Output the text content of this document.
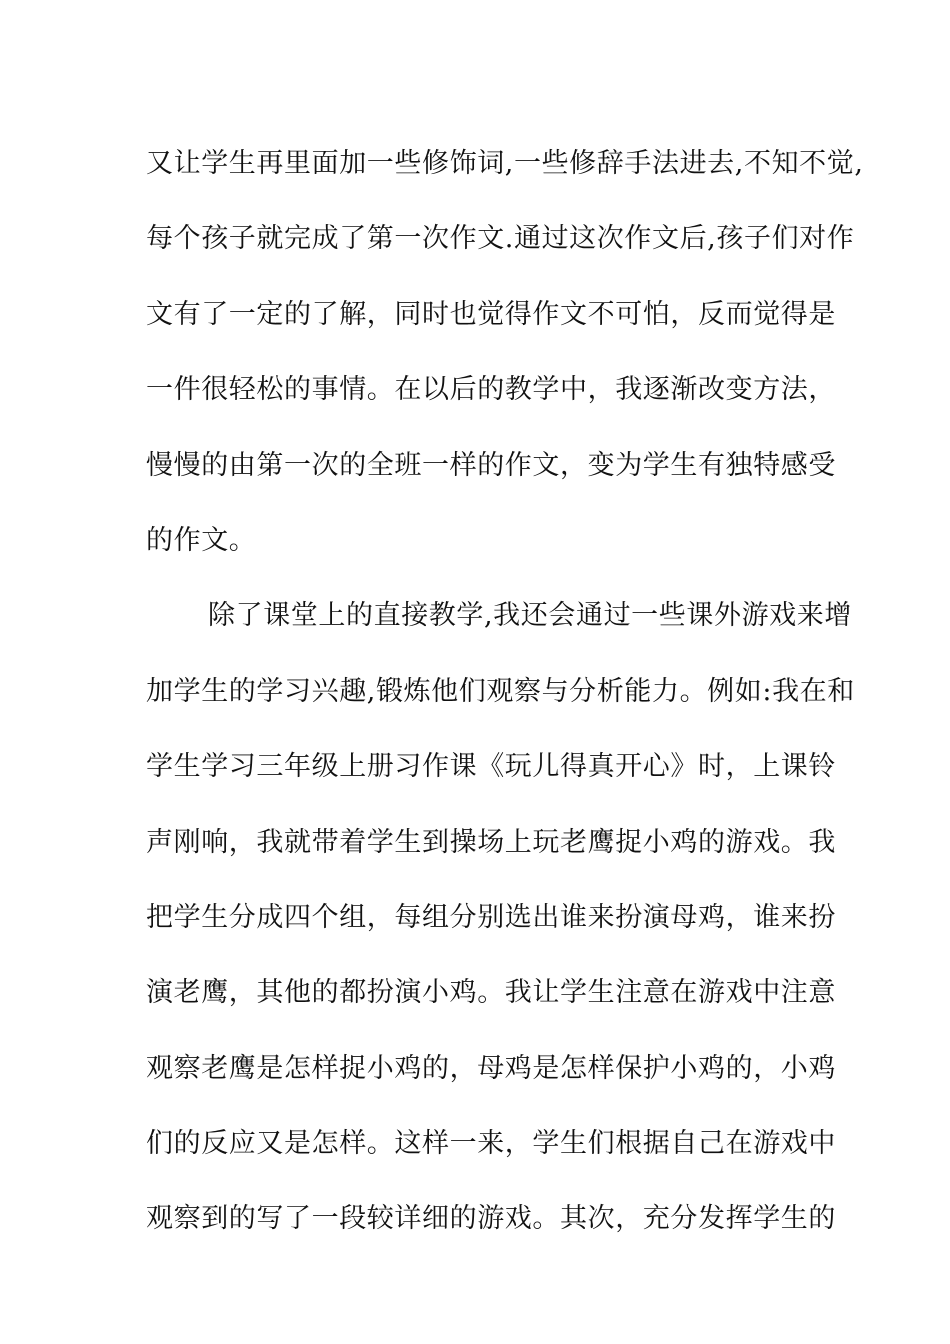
又让学生再里面加一些修饰词,一些修辞手法进去,不知不觉,
每个孩子就完成了第一次作文.通过这次作文后,孩子们对作
文有了一定的了解，同时也觉得作文不可怕，反而觉得是
一件很轻松的事情。在以后的教学中，我逐渐改变方法，
慢慢的由第一次的全班一样的作文，变为学生有独特感受
的作文。
除了课堂上的直接教学,我还会通过一些课外游戏来增
加学生的学习兴趣,锻炼他们观察与分析能力。例如:我在和
学生学习三年级上册习作课《玩儿得真开心》时，上课铃
声刚响，我就带着学生到操场上玩老鹰捉小鸡的游戏。我
把学生分成四个组，每组分别选出谁来扮演母鸡，谁来扮
演老鹰，其他的都扮演小鸡。我让学生注意在游戏中注意
观察老鹰是怎样捉小鸡的，母鸡是怎样保护小鸡的，小鸡
们的反应又是怎样。这样一来，学生们根据自己在游戏中
观察到的写了一段较详细的游戏。其次，充分发挥学生的
